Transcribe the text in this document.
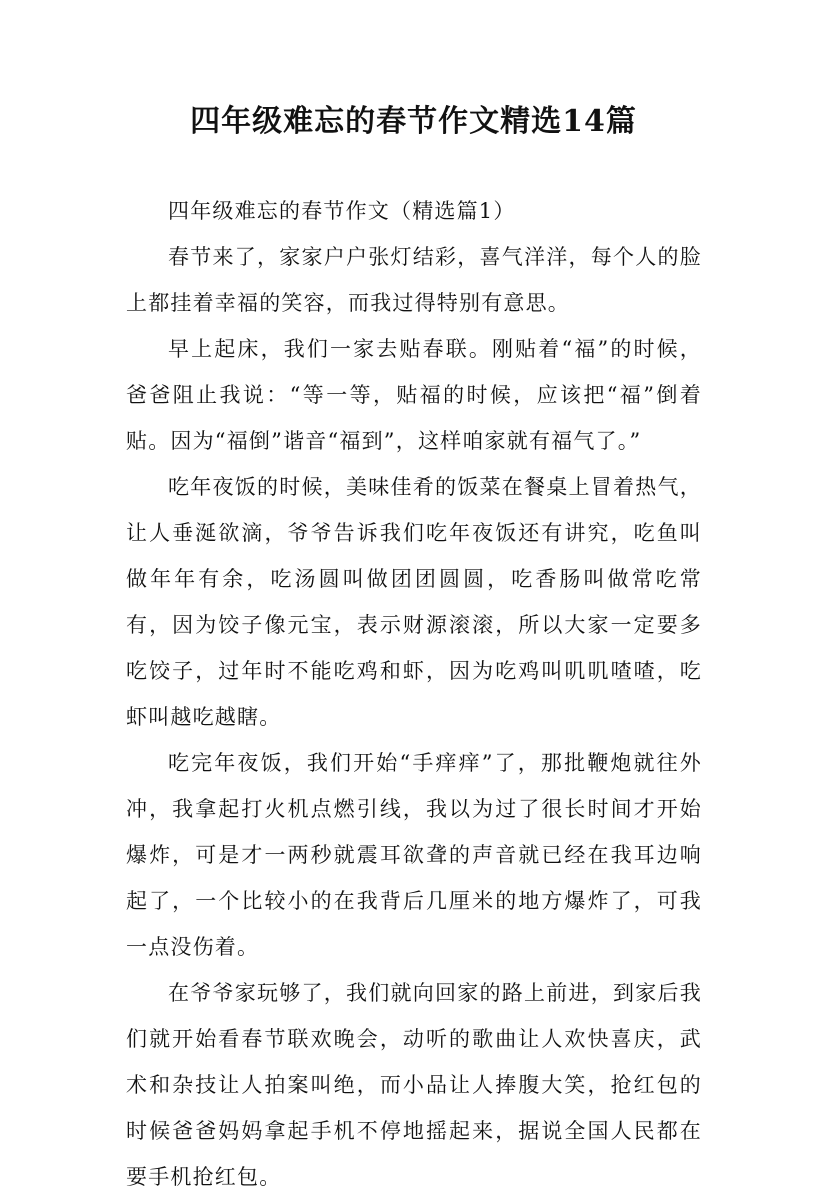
四年级难忘的春节作文精选14篇

四年级难忘的春节作文（精选篇1）

春节来了，家家户户张灯结彩，喜气洋洋，每个人的脸上都挂着幸福的笑容，而我过得特别有意思。

早上起床，我们一家去贴春联。刚贴着“福”的时候，爸爸阻止我说：“等一等，贴福的时候，应该把“福”倒着贴。因为“福倒”谐音“福到”，这样咱家就有福气了。”

吃年夜饭的时候，美味佳肴的饭菜在餐桌上冒着热气，让人垂涎欲滴，爷爷告诉我们吃年夜饭还有讲究，吃鱼叫做年年有余，吃汤圆叫做团团圆圆，吃香肠叫做常吃常有，因为饺子像元宝，表示财源滚滚，所以大家一定要多吃饺子，过年时不能吃鸡和虾，因为吃鸡叫叽叽喳喳，吃虾叫越吃越瞎。

吃完年夜饭，我们开始“手痒痒”了，那批鞭炮就往外冲，我拿起打火机点燃引线，我以为过了很长时间才开始爆炸，可是才一两秒就震耳欲聋的声音就已经在我耳边响起了，一个比较小的在我背后几厘米的地方爆炸了，可我一点没伤着。

在爷爷家玩够了，我们就向回家的路上前进，到家后我们就开始看春节联欢晚会，动听的歌曲让人欢快喜庆，武术和杂技让人拍案叫绝，而小品让人捧腹大笑，抢红包的时候爸爸妈妈拿起手机不停地摇起来，据说全国人民都在要手机抢红包。
